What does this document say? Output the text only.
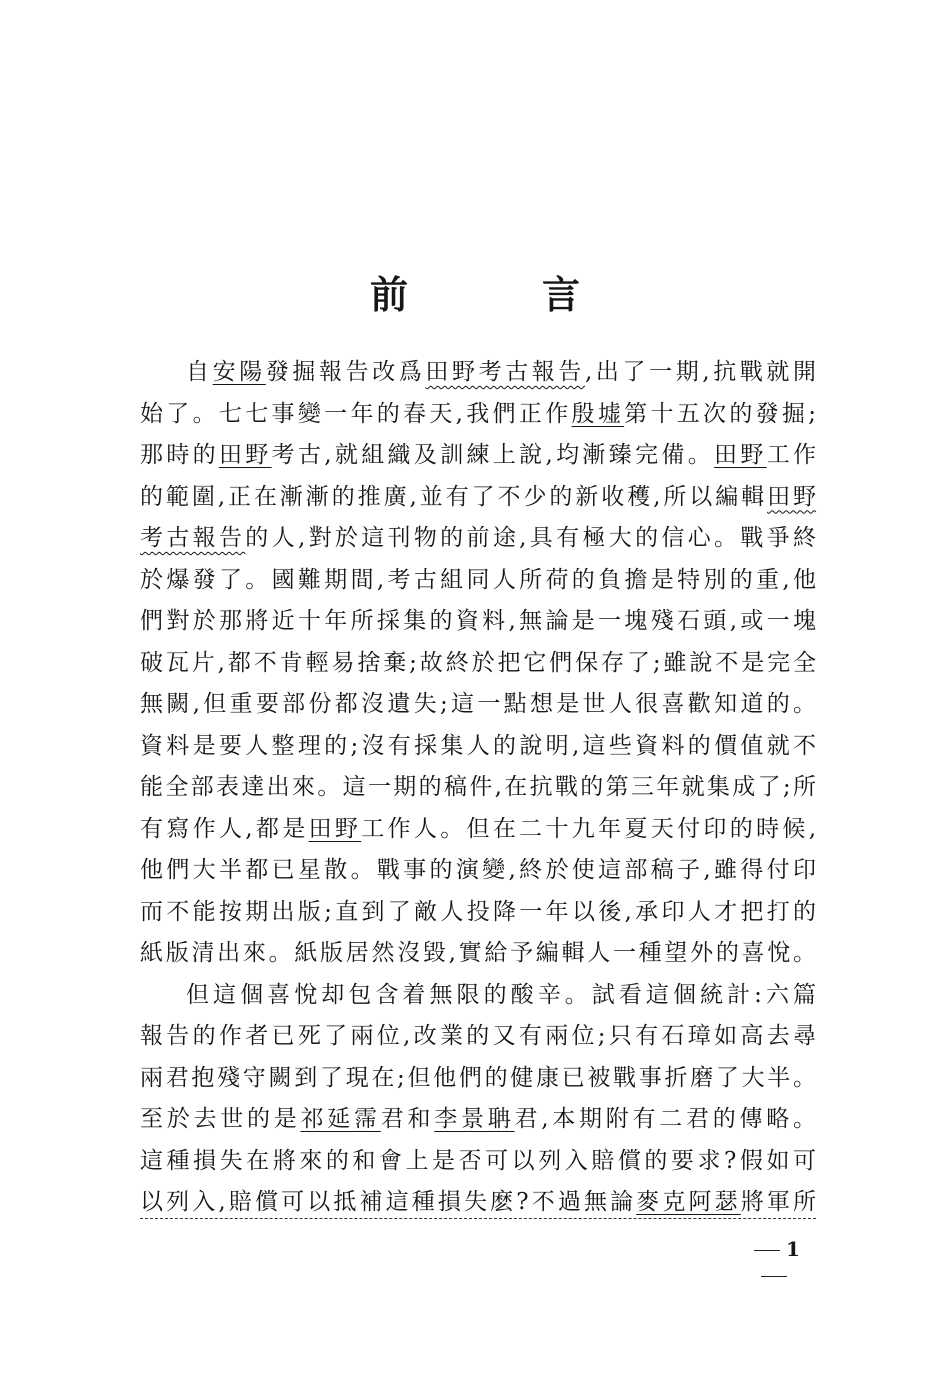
前　言
自安陽發掘報告改爲田野考古報告,出了一期,抗戰就開
始了。七七事變一年的春天,我們正作殷墟第十五次的發掘;
那時的田野考古,就組織及訓練上說,均漸臻完備。田野工作
的範圍,正在漸漸的推廣,並有了不少的新收穫,所以編輯田野
考古報告的人,對於這刊物的前途,具有極大的信心。戰爭終
於爆發了。國難期間,考古組同人所荷的負擔是特別的重,他
們對於那將近十年所採集的資料,無論是一塊殘石頭,或一塊
破瓦片,都不肯輕易捨棄;故終於把它們保存了;雖說不是完全
無闕,但重要部份都沒遺失;這一點想是世人很喜歡知道的。
資料是要人整理的;沒有採集人的說明,這些資料的價值就不
能全部表達出來。這一期的稿件,在抗戰的第三年就集成了;所
有寫作人,都是田野工作人。但在二十九年夏天付印的時候,
他們大半都已星散。戰事的演變,終於使這部稿子,雖得付印
而不能按期出版;直到了敵人投降一年以後,承印人才把打的
紙版清出來。紙版居然沒毀,實給予編輯人一種望外的喜悅。
但這個喜悅却包含着無限的酸辛。試看這個統計:六篇
報告的作者已死了兩位,改業的又有兩位;只有石璋如高去尋
兩君抱殘守闕到了現在;但他們的健康已被戰事折磨了大半。
至於去世的是祁延霈君和李景聃君,本期附有二君的傳略。
這種損失在將來的和會上是否可以列入賠償的要求?假如可
以列入,賠償可以抵補這種損失麽?不過無論麥克阿瑟將軍所
1
